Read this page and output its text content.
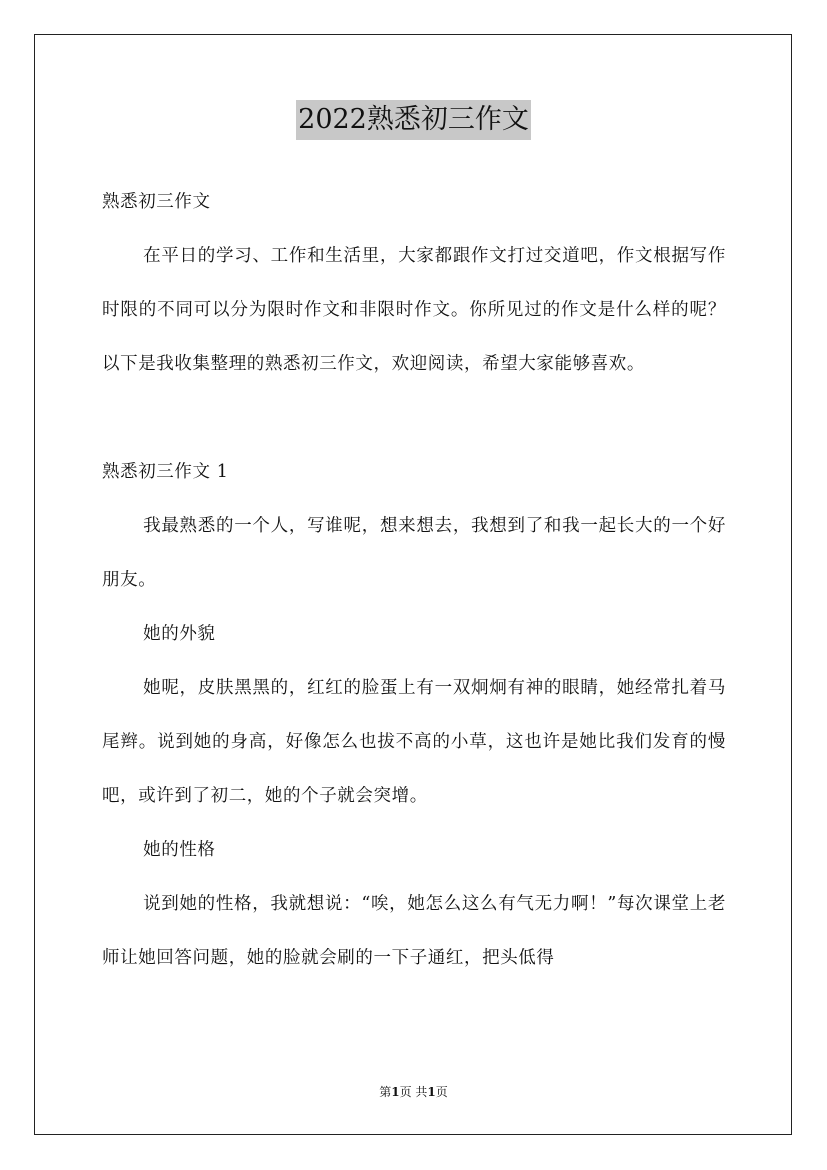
2022熟悉初三作文

熟悉初三作文

在平日的学习、工作和生活里，大家都跟作文打过交道吧，作文根据写作时限的不同可以分为限时作文和非限时作文。你所见过的作文是什么样的呢？以下是我收集整理的熟悉初三作文，欢迎阅读，希望大家能够喜欢。

熟悉初三作文 1

我最熟悉的一个人，写谁呢，想来想去，我想到了和我一起长大的一个好朋友。

她的外貌

她呢，皮肤黑黑的，红红的脸蛋上有一双炯炯有神的眼睛，她经常扎着马尾辫。说到她的身高，好像怎么也拔不高的小草，这也许是她比我们发育的慢吧，或许到了初二，她的个子就会突增。

她的性格

说到她的性格，我就想说：“唉，她怎么这么有气无力啊！”每次课堂上老师让她回答问题，她的脸就会刷的一下子通红，把头低得

第1页 共1页
